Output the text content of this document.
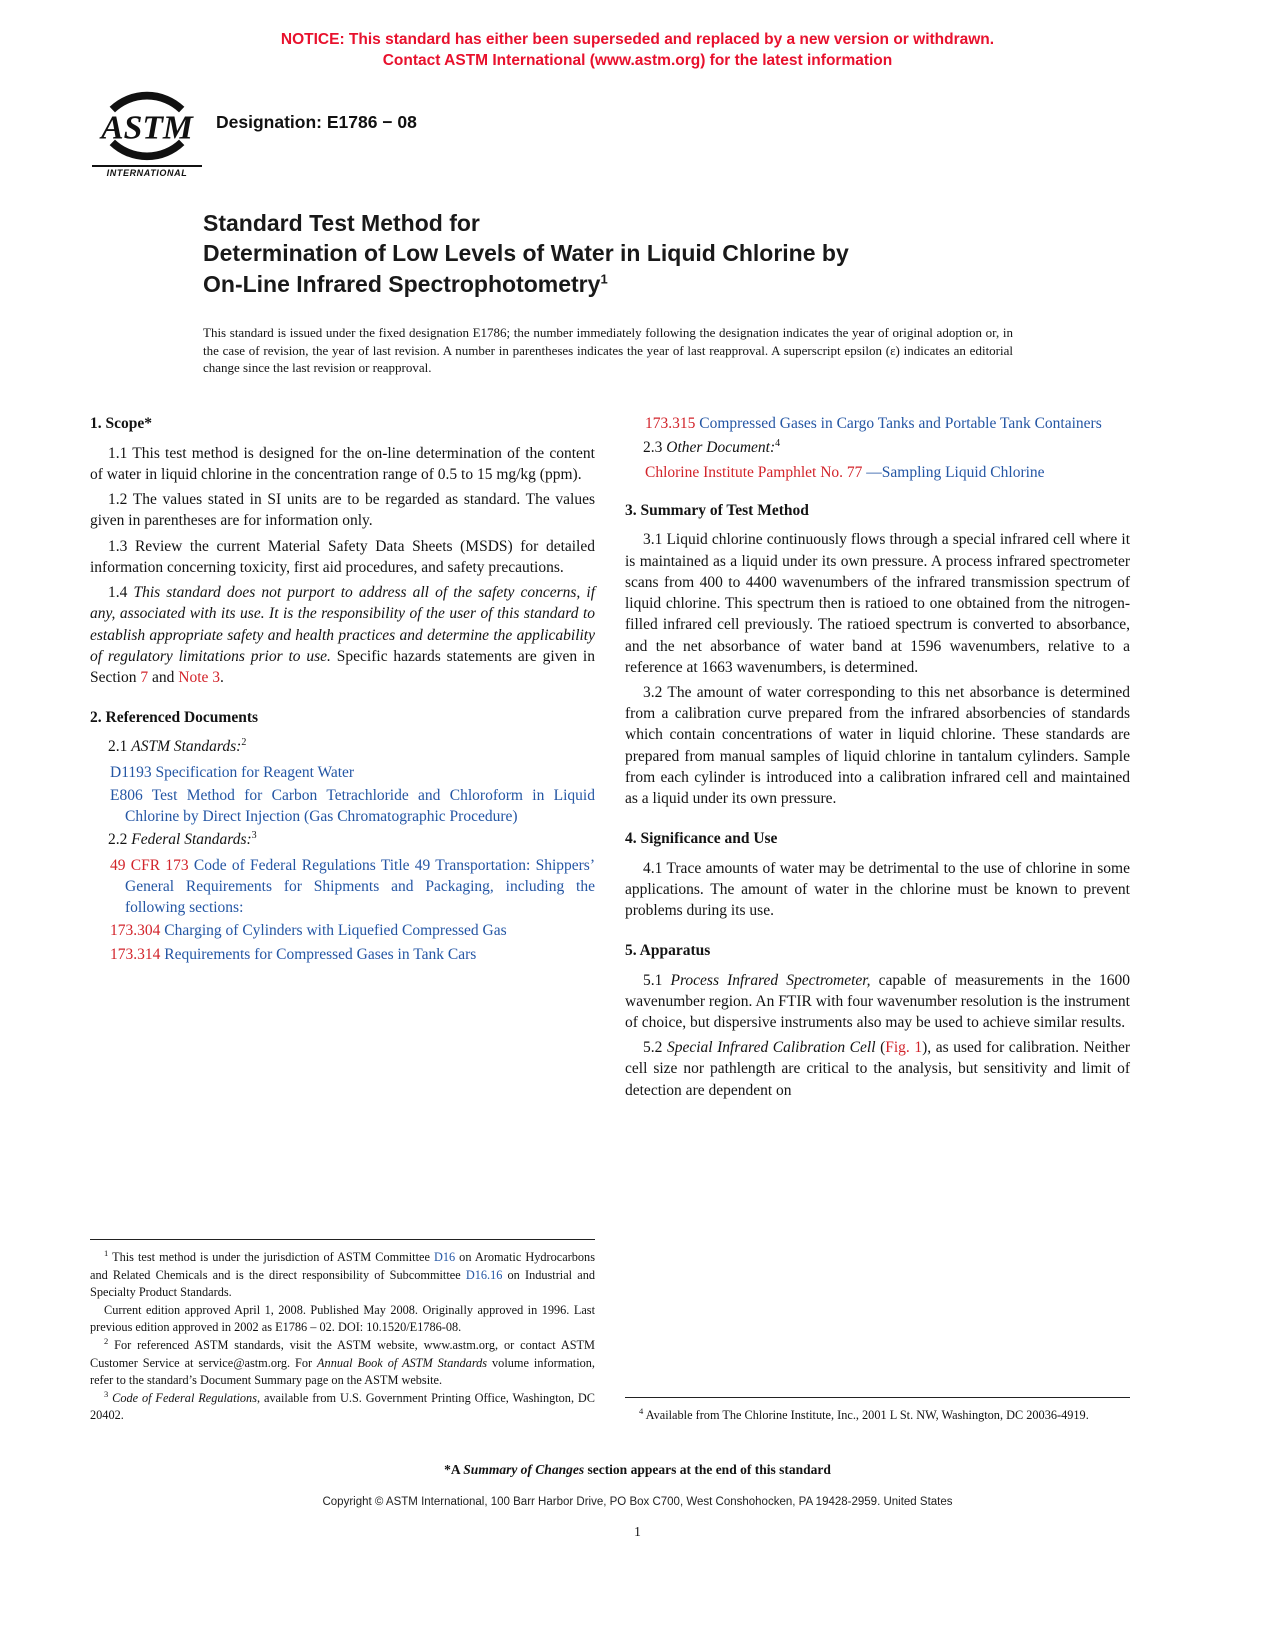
NOTICE: This standard has either been superseded and replaced by a new version or withdrawn.
Contact ASTM International (www.astm.org) for the latest information
ASTM
INTERNATIONAL
Designation: E1786 − 08
Standard Test Method for
Determination of Low Levels of Water in Liquid Chlorine by
On-Line Infrared Spectrophotometry$^1$

This standard is issued under the fixed designation E1786; the number immediately following the designation indicates the year of original adoption or, in the case of revision, the year of last revision. A number in parentheses indicates the year of last reapproval. A superscript epsilon (ε) indicates an editorial change since the last revision or reapproval.

1. Scope*

1.1 This test method is designed for the on-line determination of the content of water in liquid chlorine in the concentration range of 0.5 to 15 mg/kg (ppm).

1.2 The values stated in SI units are to be regarded as standard. The values given in parentheses are for information only.

1.3 Review the current Material Safety Data Sheets (MSDS) for detailed information concerning toxicity, first aid procedures, and safety precautions.

1.4 This standard does not purport to address all of the safety concerns, if any, associated with its use. It is the responsibility of the user of this standard to establish appropriate safety and health practices and determine the applicability of regulatory limitations prior to use. Specific hazards statements are given in Section 7 and Note 3.

2. Referenced Documents

2.1 ASTM Standards:$^2$

D1193 Specification for Reagent Water

E806 Test Method for Carbon Tetrachloride and Chloroform in Liquid Chlorine by Direct Injection (Gas Chromatographic Procedure)

2.2 Federal Standards:$^3$

49 CFR 173 Code of Federal Regulations Title 49 Transportation: Shippers’ General Requirements for Shipments and Packaging, including the following sections:

173.304 Charging of Cylinders with Liquefied Compressed Gas

173.314 Requirements for Compressed Gases in Tank Cars

$^1$ This test method is under the jurisdiction of ASTM Committee D16 on Aromatic Hydrocarbons and Related Chemicals and is the direct responsibility of Subcommittee D16.16 on Industrial and Specialty Product Standards.

Current edition approved April 1, 2008. Published May 2008. Originally approved in 1996. Last previous edition approved in 2002 as E1786 – 02. DOI: 10.1520/E1786-08.

$^2$ For referenced ASTM standards, visit the ASTM website, www.astm.org, or contact ASTM Customer Service at service@astm.org. For Annual Book of ASTM Standards volume information, refer to the standard’s Document Summary page on the ASTM website.

$^3$ Code of Federal Regulations, available from U.S. Government Printing Office, Washington, DC 20402.

173.315 Compressed Gases in Cargo Tanks and Portable Tank Containers

2.3 Other Document:$^4$

Chlorine Institute Pamphlet No. 77 —Sampling Liquid Chlorine

3. Summary of Test Method

3.1 Liquid chlorine continuously flows through a special infrared cell where it is maintained as a liquid under its own pressure. A process infrared spectrometer scans from 400 to 4400 wavenumbers of the infrared transmission spectrum of liquid chlorine. This spectrum then is ratioed to one obtained from the nitrogen-filled infrared cell previously. The ratioed spectrum is converted to absorbance, and the net absorbance of water band at 1596 wavenumbers, relative to a reference at 1663 wavenumbers, is determined.

3.2 The amount of water corresponding to this net absorbance is determined from a calibration curve prepared from the infrared absorbencies of standards which contain concentrations of water in liquid chlorine. These standards are prepared from manual samples of liquid chlorine in tantalum cylinders. Sample from each cylinder is introduced into a calibration infrared cell and maintained as a liquid under its own pressure.

4. Significance and Use

4.1 Trace amounts of water may be detrimental to the use of chlorine in some applications. The amount of water in the chlorine must be known to prevent problems during its use.

5. Apparatus

5.1 Process Infrared Spectrometer, capable of measurements in the 1600 wavenumber region. An FTIR with four wavenumber resolution is the instrument of choice, but dispersive instruments also may be used to achieve similar results.

5.2 Special Infrared Calibration Cell (Fig. 1), as used for calibration. Neither cell size nor pathlength are critical to the analysis, but sensitivity and limit of detection are dependent on

$^4$ Available from The Chlorine Institute, Inc., 2001 L St. NW, Washington, DC 20036-4919.

*A Summary of Changes section appears at the end of this standard
Copyright © ASTM International, 100 Barr Harbor Drive, PO Box C700, West Conshohocken, PA 19428-2959. United States
1
